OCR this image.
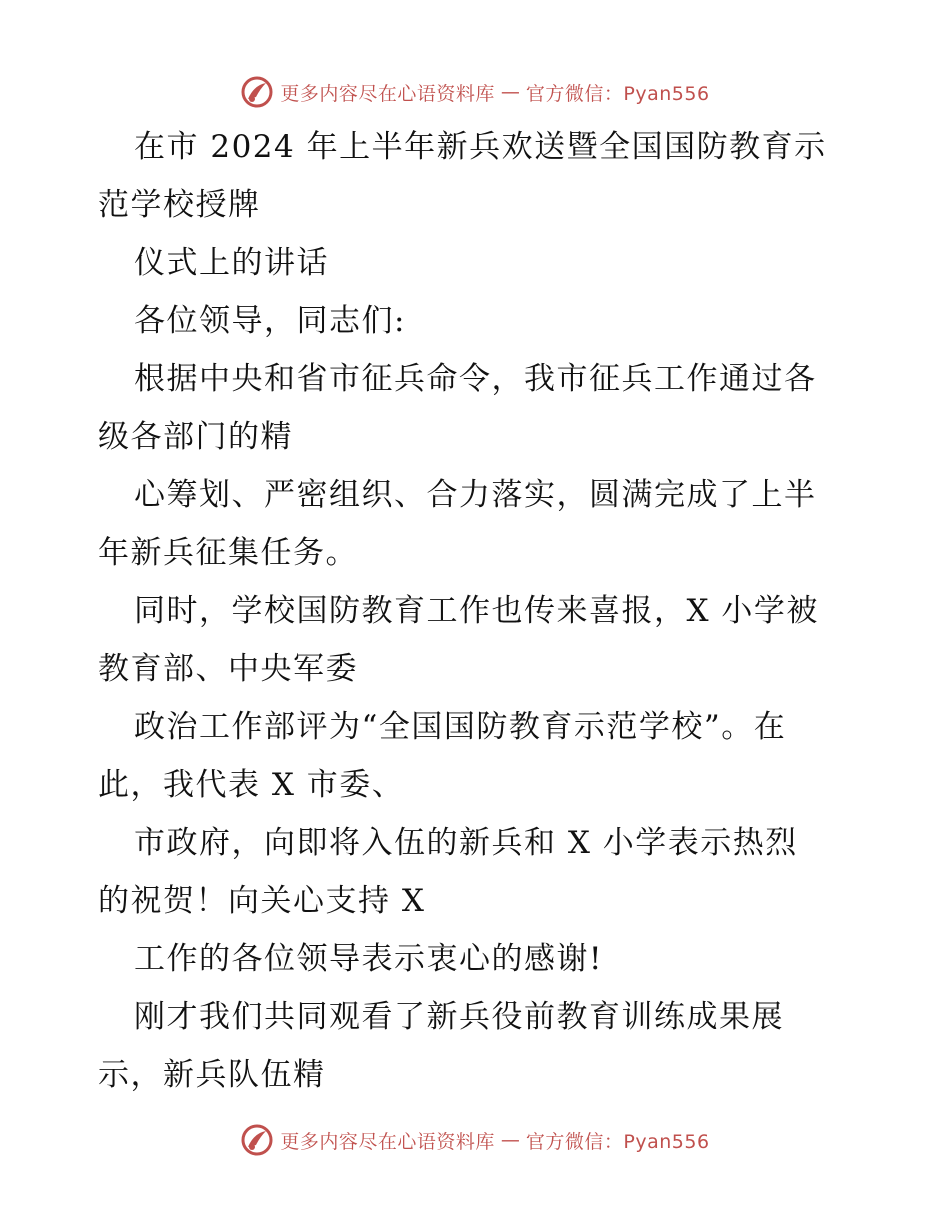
更多内容尽在心语资料库 — 官方微信：Pyan556
在市 2024 年上半年新兵欢送暨全国国防教育示
范学校授牌
仪式上的讲话
各位领导，同志们:
根据中央和省市征兵命令，我市征兵工作通过各
级各部门的精
心筹划、严密组织、合力落实，圆满完成了上半
年新兵征集任务。
同时，学校国防教育工作也传来喜报，X 小学被
教育部、中央军委
政治工作部评为“全国国防教育示范学校”。在
此，我代表 X 市委、
市政府，向即将入伍的新兵和 X 小学表示热烈
的祝贺！向关心支持 X
工作的各位领导表示衷心的感谢!
刚才我们共同观看了新兵役前教育训练成果展
示，新兵队伍精
更多内容尽在心语资料库 — 官方微信：Pyan556
